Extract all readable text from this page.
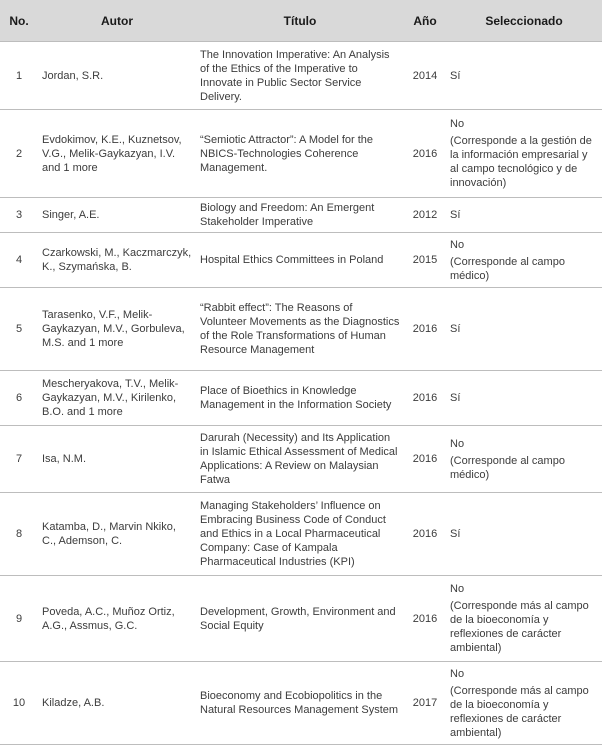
No.	Autor	Título	Año	Seleccionado
1	Jordan, S.R.	The Innovation Imperative: An Analysis of the Ethics of the Imperative to Innovate in Public Sector Service Delivery.	2014	Sí

2	Evdokimov, K.E., Kuznetsov, V.G., Melik-Gaykazyan, I.V. and 1 more	“Semiotic Attractor”: A Model for the NBICS-Technologies Coherence Management.	2016	No
(Corresponde a la gestión de la información empresarial y al campo tecnológico y de innovación)

3	Singer, A.E.	Biology and Freedom: An Emergent Stakeholder Imperative	2012	Sí

4	Czarkowski, M., Kaczmarczyk, K., Szymańska, B.	Hospital Ethics Committees in Poland	2015	No
(Corresponde al campo médico)

5	Tarasenko, V.F., Melik-Gaykazyan, M.V., Gorbuleva, M.S. and 1 more	“Rabbit effect”: The Reasons of Volunteer Movements as the Diagnostics of the Role Transformations of Human Resource Management	2016	Sí

6	Mescheryakova, T.V., Melik-Gaykazyan, M.V., Kirilenko, B.O. and 1 more	Place of Bioethics in Knowledge Management in the Information Society	2016	Sí

7	Isa, N.M.	Darurah (Necessity) and Its Application in Islamic Ethical Assessment of Medical Applications: A Review on Malaysian Fatwa	2016	No
(Corresponde al campo médico)

8	Katamba, D., Marvin Nkiko, C., Ademson, C.	Managing Stakeholders’ Influence on Embracing Business Code of Conduct and Ethics in a Local Pharmaceutical Company: Case of Kampala Pharmaceutical Industries (KPI)	2016	Sí

9	Poveda, A.C., Muñoz Ortiz, A.G., Assmus, G.C.	Development, Growth, Environment and Social Equity	2016	No
(Corresponde más al campo de la bioeconomía y reflexiones de carácter ambiental)

10	Kiladze, A.B.	Bioeconomy and Ecobiopolitics in the Natural Resources Management System	2017	No
(Corresponde más al campo de la bioeconomía y reflexiones de carácter ambiental)
